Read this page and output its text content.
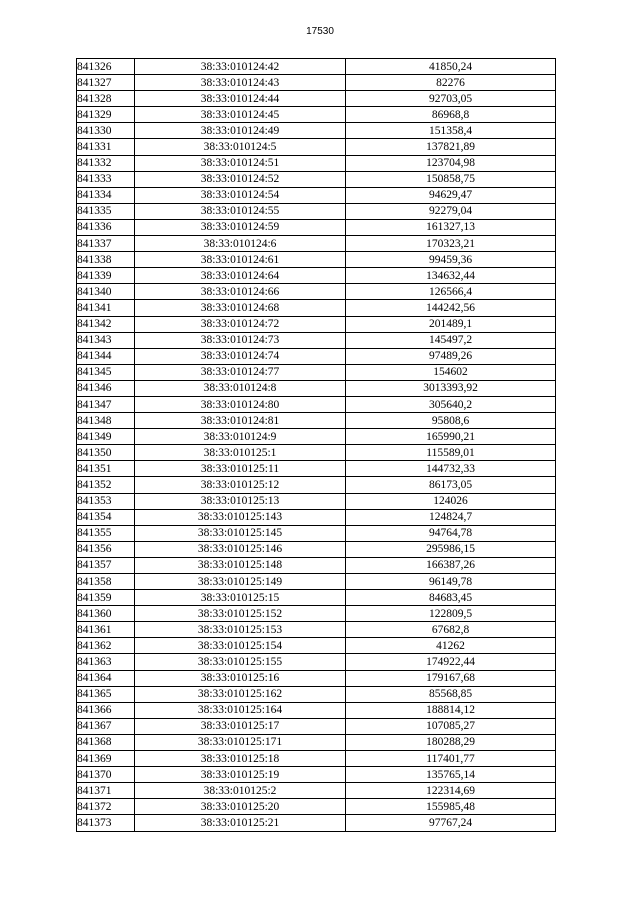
17530
841326	38:33:010124:42	41850,24
841327	38:33:010124:43	82276
841328	38:33:010124:44	92703,05
841329	38:33:010124:45	86968,8
841330	38:33:010124:49	151358,4
841331	38:33:010124:5	137821,89
841332	38:33:010124:51	123704,98
841333	38:33:010124:52	150858,75
841334	38:33:010124:54	94629,47
841335	38:33:010124:55	92279,04
841336	38:33:010124:59	161327,13
841337	38:33:010124:6	170323,21
841338	38:33:010124:61	99459,36
841339	38:33:010124:64	134632,44
841340	38:33:010124:66	126566,4
841341	38:33:010124:68	144242,56
841342	38:33:010124:72	201489,1
841343	38:33:010124:73	145497,2
841344	38:33:010124:74	97489,26
841345	38:33:010124:77	154602
841346	38:33:010124:8	3013393,92
841347	38:33:010124:80	305640,2
841348	38:33:010124:81	95808,6
841349	38:33:010124:9	165990,21
841350	38:33:010125:1	115589,01
841351	38:33:010125:11	144732,33
841352	38:33:010125:12	86173,05
841353	38:33:010125:13	124026
841354	38:33:010125:143	124824,7
841355	38:33:010125:145	94764,78
841356	38:33:010125:146	295986,15
841357	38:33:010125:148	166387,26
841358	38:33:010125:149	96149,78
841359	38:33:010125:15	84683,45
841360	38:33:010125:152	122809,5
841361	38:33:010125:153	67682,8
841362	38:33:010125:154	41262
841363	38:33:010125:155	174922,44
841364	38:33:010125:16	179167,68
841365	38:33:010125:162	85568,85
841366	38:33:010125:164	188814,12
841367	38:33:010125:17	107085,27
841368	38:33:010125:171	180288,29
841369	38:33:010125:18	117401,77
841370	38:33:010125:19	135765,14
841371	38:33:010125:2	122314,69
841372	38:33:010125:20	155985,48
841373	38:33:010125:21	97767,24
